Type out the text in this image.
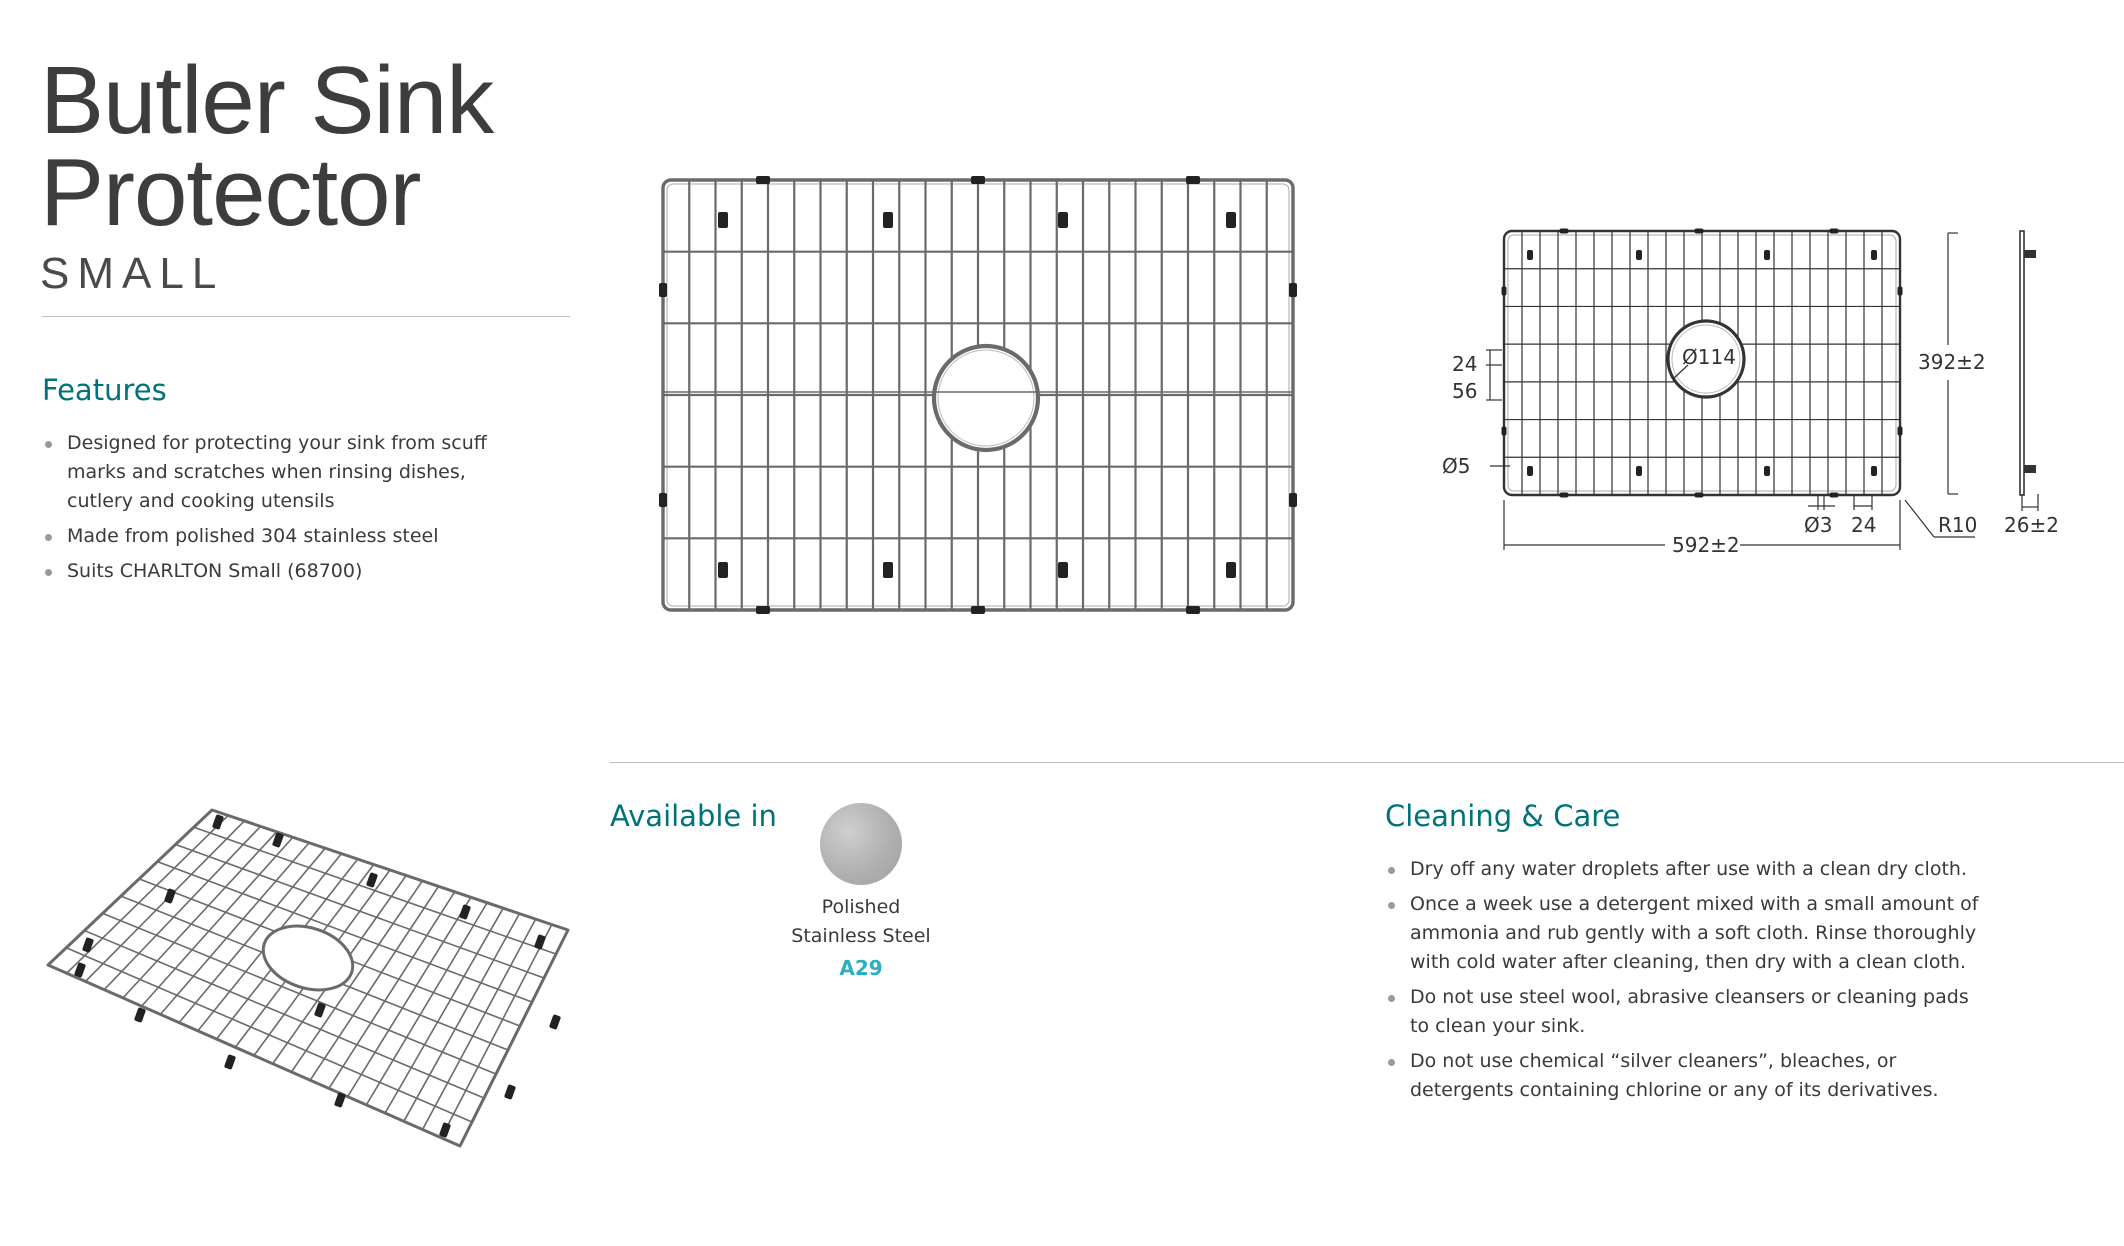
Butler Sink
Protector
SMALL
Features
Designed for protecting your sink from scuff marks and scratches when rinsing dishes, cutlery and cooking utensils
Made from polished 304 stainless steel
Suits CHARLTON Small (68700)
24
56
Ø5
Ø114	392±2
592±2
Ø3 24	R10 26±2
Available in
Polished
Stainless Steel
A29
Cleaning & Care
Dry off any water droplets after use with a clean dry cloth.
Once a week use a detergent mixed with a small amount of ammonia and rub gently with a soft cloth. Rinse thoroughly with cold water after cleaning, then dry with a clean cloth.
Do not use steel wool, abrasive cleansers or cleaning pads to clean your sink.
Do not use chemical “silver cleaners”, bleaches, or detergents containing chlorine or any of its derivatives.
